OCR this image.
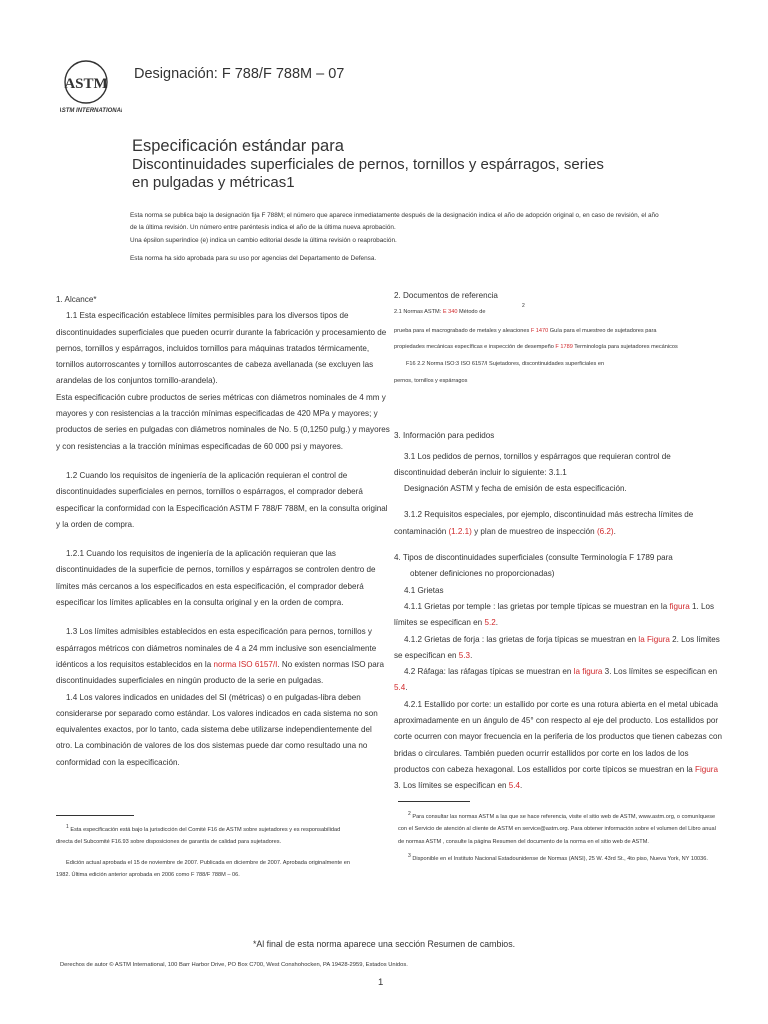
ASTM
ASTM INTERNATIONAL
Designación: F 788/F 788M – 07
Especificación estándar para
Discontinuidades superficiales de pernos, tornillos y espárragos, series
en pulgadas y métricas1

Esta norma se publica bajo la designación fija F 788M; el número que aparece inmediatamente después de la designación indica el año de adopción original o, en caso de revisión, el año de la última revisión. Un número entre paréntesis indica el año de la última nueva aprobación.

Una épsilon superíndice (e) indica un cambio editorial desde la última revisión o reaprobación.

Esta norma ha sido aprobada para su uso por agencias del Departamento de Defensa.

1. Alcance*

1.1 Esta especificación establece límites permisibles para los diversos tipos de discontinuidades superficiales que pueden ocurrir durante la fabricación y procesamiento de pernos, tornillos y espárragos, incluidos tornillos para máquinas tratados térmicamente, tornillos autorroscantes y tornillos autorroscantes de cabeza avellanada (se excluyen las arandelas de los conjuntos tornillo-arandela).

Esta especificación cubre productos de series métricas con diámetros nominales de 4 mm y mayores y con resistencias a la tracción mínimas especificadas de 420 MPa y mayores; y productos de series en pulgadas con diámetros nominales de No. 5 (0,1250 pulg.) y mayores y con resistencias a la tracción mínimas especificadas de 60 000 psi y mayores.

1.2 Cuando los requisitos de ingeniería de la aplicación requieran el control de discontinuidades superficiales en pernos, tornillos o espárragos, el comprador deberá especificar la conformidad con la Especificación ASTM F 788/F 788M, en la consulta original y la orden de compra.

1.2.1 Cuando los requisitos de ingeniería de la aplicación requieran que las discontinuidades de la superficie de pernos, tornillos y espárragos se controlen dentro de límites más cercanos a los especificados en esta especificación, el comprador deberá especificar los límites aplicables en la consulta original y en la orden de compra.

1.3 Los límites admisibles establecidos en esta especificación para pernos, tornillos y espárragos métricos con diámetros nominales de 4 a 24 mm inclusive son esencialmente idénticos a los requisitos establecidos en la norma ISO 6157/I. No existen normas ISO para discontinuidades superficiales en ningún producto de la serie en pulgadas.

1.4 Los valores indicados en unidades del SI (métricas) o en pulgadas-libra deben considerarse por separado como estándar. Los valores indicados en cada sistema no son equivalentes exactos, por lo tanto, cada sistema debe utilizarse independientemente del otro. La combinación de valores de los dos sistemas puede dar como resultado una no conformidad con la especificación.

1 Esta especificación está bajo la jurisdicción del Comité F16 de ASTM sobre sujetadores y es responsabilidad directa del Subcomité F16.93 sobre disposiciones de garantía de calidad para sujetadores.

Edición actual aprobada el 15 de noviembre de 2007. Publicada en diciembre de 2007. Aprobada originalmente en 1982. Última edición anterior aprobada en 2006 como F 788/F 788M – 06.

2. Documentos de referencia

2.1 Normas ASTM: E 340 Método de
2

prueba para el macrograbado de metales y aleaciones F 1470 Guía para el muestreo de sujetadores para

propiedades mecánicas específicas e inspección de desempeño F 1789 Terminología para sujetadores mecánicos

F16 2.2 Norma ISO:3 ISO 6157/I Sujetadores, discontinuidades superficiales en

pernos, tornillos y espárragos

3. Información para pedidos

3.1 Los pedidos de pernos, tornillos y espárragos que requieran control de discontinuidad deberán incluir lo siguiente: 3.1.1

Designación ASTM y fecha de emisión de esta especificación.

3.1.2 Requisitos especiales, por ejemplo, discontinuidad más estrecha límites de contaminación (1.2.1) y plan de muestreo de inspección (6.2).

4. Tipos de discontinuidades superficiales (consulte Terminología F 1789 para

obtener definiciones no proporcionadas)

4.1 Grietas

4.1.1 Grietas por temple : las grietas por temple típicas se muestran en la figura 1. Los límites se especifican en 5.2.

4.1.2 Grietas de forja : las grietas de forja típicas se muestran en la Figura 2. Los límites se especifican en 5.3.

4.2 Ráfaga: las ráfagas típicas se muestran en la figura 3. Los límites se especifican en 5.4.

4.2.1 Estallido por corte: un estallido por corte es una rotura abierta en el metal ubicada aproximadamente en un ángulo de 45° con respecto al eje del producto. Los estallidos por corte ocurren con mayor frecuencia en la periferia de los productos que tienen cabezas con bridas o circulares. También pueden ocurrir estallidos por corte en los lados de los productos con cabeza hexagonal. Los estallidos por corte típicos se muestran en la Figura 3. Los límites se especifican en 5.4.

2 Para consultar las normas ASTM a las que se hace referencia, visite el sitio web de ASTM, www.astm.org, o comuníquese con el Servicio de atención al cliente de ASTM en service@astm.org. Para obtener información sobre el volumen del Libro anual de normas ASTM , consulte la página Resumen del documento de la norma en el sitio web de ASTM.

3 Disponible en el Instituto Nacional Estadounidense de Normas (ANSI), 25 W. 43rd St., 4to piso, Nueva York, NY 10036.

*Al final de esta norma aparece una sección Resumen de cambios.
Derechos de autor © ASTM International, 100 Barr Harbor Drive, PO Box C700, West Conshohocken, PA 19428-2959, Estados Unidos.
1
